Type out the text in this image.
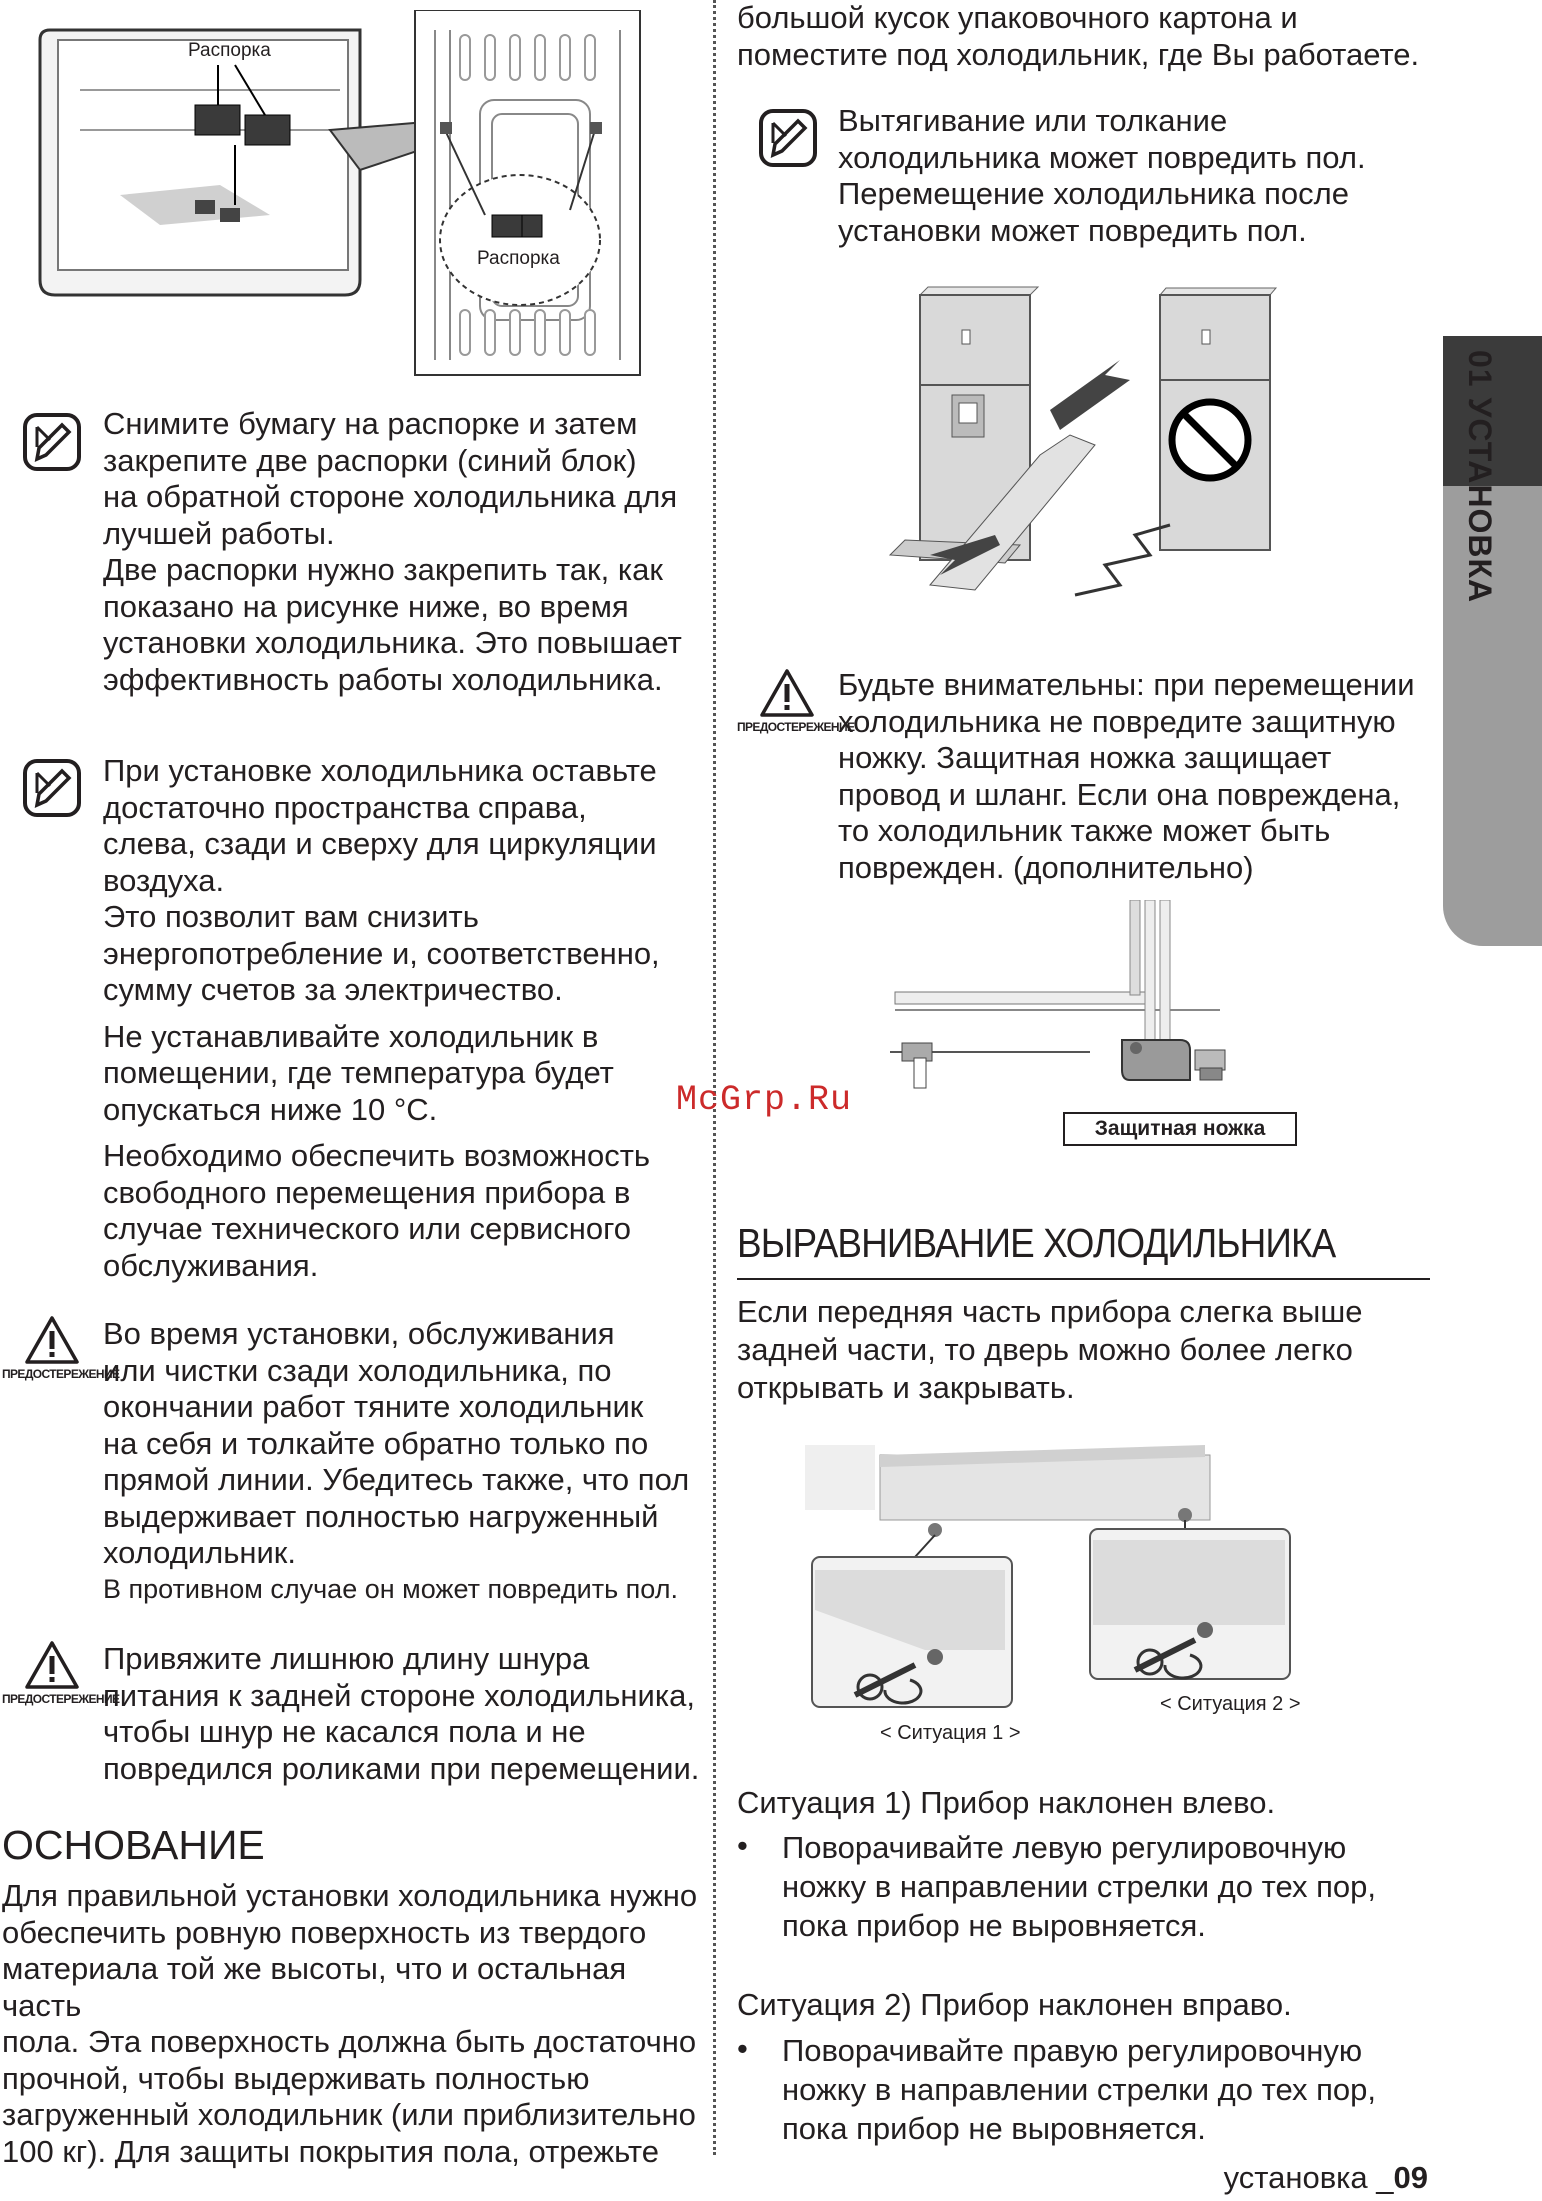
01 УСТАНОВКА
Распорка
Распорка

Снимите бумагу на распорке и затем

закрепите две распорки (синий блок)

на обратной стороне холодильника для

лучшей работы.

Две распорки нужно закрепить так, как

показано на рисунке ниже, во время

установки холодильника. Это повышает

эффективность работы холодильника.

При установке холодильника оставьте

достаточно пространства справа,

слева, сзади и сверху для циркуляции

воздуха.

Это позволит вам снизить

энергопотребление и, соответственно,

сумму счетов за электричество.

Не устанавливайте холодильник в

помещении, где температура будет

опускаться ниже 10 °C.

Необходимо обеспечить возможность

свободного перемещения прибора в

случае технического или сервисного

обслуживания.

ПРЕДОСТЕРЕЖЕНИЕ

Во время установки, обслуживания

или чистки сзади холодильника, по

окончании работ тяните холодильник

на себя и толкайте обратно только по

прямой линии. Убедитесь также, что пол

выдерживает полностью нагруженный

холодильник.

В противном случае он может повредить пол.

ПРЕДОСТЕРЕЖЕНИЕ

Привяжите лишнюю длину шнура

питания к задней стороне холодильника,

чтобы шнур не касался пола и не

повредился роликами при перемещении.

ОСНОВАНИЕ

Для правильной установки холодильника нужно

обеспечить ровную поверхность из твердого

материала той же высоты, что и остальная часть

пола. Эта поверхность должна быть достаточно

прочной, чтобы выдерживать полностью

загруженный холодильник (или приблизительно

100 кг). Для защиты покрытия пола, отрежьте

большой кусок упаковочного картона и

поместите под холодильник, где Вы работаете.

Вытягивание или толкание

холодильника может повредить пол.

Перемещение холодильника после

установки может повредить пол.

ПРЕДОСТЕРЕЖЕНИЕ

Будьте внимательны: при перемещении

холодильника не повредите защитную

ножку. Защитная ножка защищает

провод и шланг. Если она повреждена,

то холодильник также может быть

поврежден. (дополнительно)

Защитная ножка
ВЫРАВНИВАНИЕ ХОЛОДИЛЬНИКА

Если передняя часть прибора слегка выше

задней части, то дверь можно более легко

открывать и закрывать.

< Ситуация 1 >
< Ситуация 2 >

Ситуация 1) Прибор наклонен влево.

• Поворачивайте левую регулировочную

ножку в направлении стрелки до тех пор,

пока прибор не выровняется.

Ситуация 2) Прибор наклонен вправо.

• Поворачивайте правую регулировочную

ножку в направлении стрелки до тех пор,

пока прибор не выровняется.

McGrp.Ru
установка _09
